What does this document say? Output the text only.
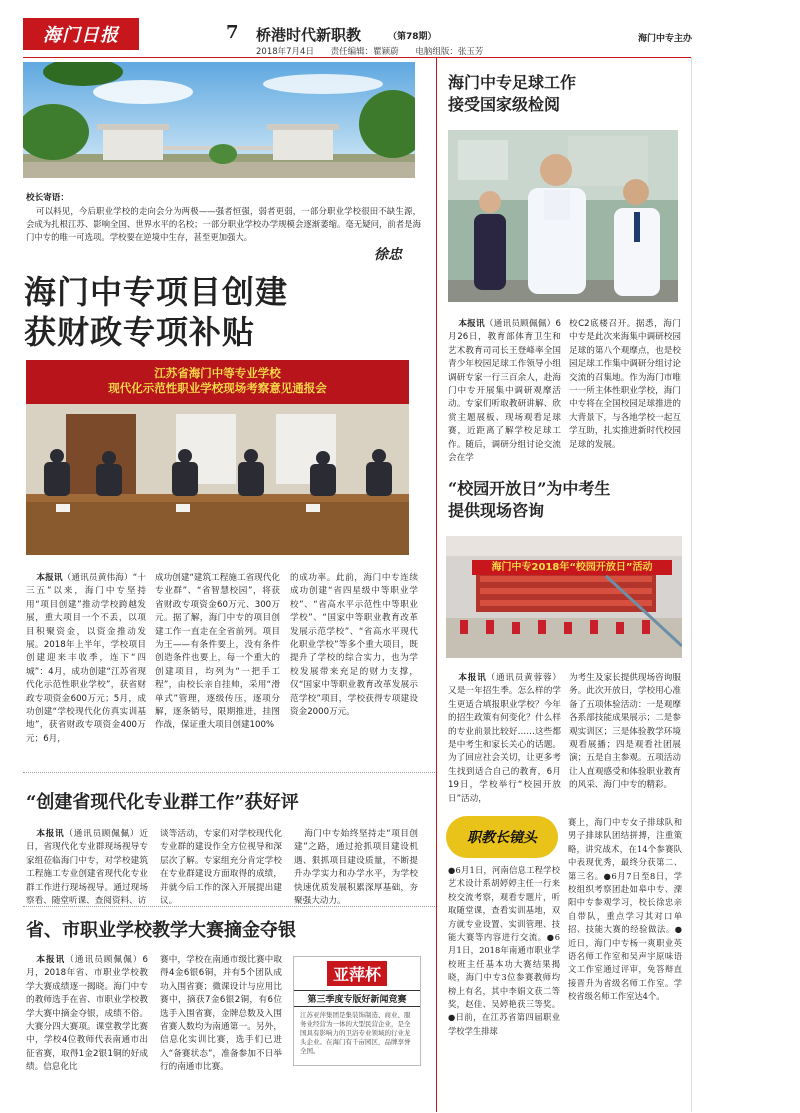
海门日报	7 桥港时代新职教	（第78期）	海门中专主办
2018年7月4日 责任编辑：瞿颖蔚 电脑组版：张玉芳
校长寄语：

可以料见，今后职业学校的走向会分为两极——强者恒强，弱者更弱，一部分职业学校很田不缺生源，会成为扎根江苏、影响全国、世界水平的名校；一部分职业学校办学规模会逐渐萎缩。毫无疑问，前者是海门中专的唯一可选项。学校要在逆境中生存，甚至更加强大。

徐忠
海门中专项目创建
获财政专项补贴
江苏省海门中等专业学校
现代化示范性职业学校现场考察意见通报会

本报讯（通讯员黄伟海）“十三五”以来，海门中专坚持用“项目创建”推动学校跨越发展，重大项目一个不丢，以项目积聚资金，以资金推动发展。2018年上半年，学校项目创建迎来丰收季，连下“四城”：4月，成功创建“江苏省现代化示范性职业学校”，获省财政专项资金600万元；5月，成功创建“学校现代化仿真实训基地”，获省财政专项资金400万元；6月，

成功创建“建筑工程施工省现代化专业群”、“省智慧校园”，将获省财政专项资金60万元、300万元。据了解，海门中专的项目创建工作一直走在全省前列。项目为王——有条件要上，没有条件创造条件也要上，每一个重大的创建项目，均列为“一把手工程”，由校长亲自挂帅，采用“滑单式”管理，逐级传压，逐项分解，逐条销号，限期推进，挂图作战，保证重大项目创建100%

的成功率。此前，海门中专连续成功创建“省四星级中等职业学校”、“省高水平示范性中等职业学校”、“国家中等职业教育改革发展示范学校”、“省高水平现代化职业学校”等多个重大项目，既提升了学校的综合实力，也为学校发展带来充足的财力支撑，仅“国家中等职业教育改革发展示范学校”项目，学校获得专项建设资金2000万元。

“创建省现代化专业群工作”获好评

本报讯（通讯员顾佩佩）近日，省现代化专业群现场视导专家组莅临海门中专，对学校建筑工程施工专业创建省现代化专业群工作进行现场视导。通过现场察看、随堂听课、查阅资料、访

谈等活动，专家们对学校现代化专业群的建设作全方位视导和深层次了解。专家组充分肯定学校在专业群建设方面取得的成绩，并就今后工作的深入开展提出建议。

海门中专始终坚持走“项目创建”之路，通过抢抓项目建设机遇、狠抓项目建设质量，不断提升办学实力和办学水平，为学校快速优质发展积累深厚基础，夯聚强大动力。

省、市职业学校教学大赛摘金夺银

本报讯（通讯员顾佩佩）6月，2018年省、市职业学校教学大赛成绩逐一揭晓。海门中专的教师选手在省、市职业学校教学大赛中摘金夺银，成绩不俗。大赛分四大赛项。课堂教学比赛中，学校4位教师代表南通市出征省赛，取得1金2银1铜的好成绩。信息化比

赛中，学校在南通市级比赛中取得4金6银6铜，并有5个团队成功入围省赛；微课设计与应用比赛中，摘获7金6银2铜，有6位选手入围省赛，金牌总数及入围省赛人数均为南通第一。另外，信息化实训比赛，选手们已进入“备赛状态”，准备参加不日举行的南通市比赛。

亚萍杯
第三季度专版好新闻竞赛
江苏亚萍集团是集装饰制造、商业、服务业经营为一体的大型民营企业，是全国具有影响力的卫浴专业领域的行业龙头企业。在海门有千亩园区，品牌享誉全国。
海门中专足球工作
接受国家级检阅

本报讯（通讯员顾佩佩）6月26日，教育部体育卫生和艺术教育司司长王登峰率全国青少年校园足球工作领导小组调研专家一行三百余人，赴海门中专开展集中调研观摩活动。专家们听取教研讲解、欣赏主题展板、现场观看足球赛，近距离了解学校足球工作。随后，调研分组讨论交流会在学

校C2底楼召开。据悉，海门中专是此次来海集中调研校园足球的第八个观摩点，也是校园足球工作集中调研分组讨论交流的召集地。作为海门市唯一一所主体性职业学校，海门中专将在全国校园足球推进的大背景下，与各地学校一起互学互助，扎实推进新时代校园足球的发展。

“校园开放日”为中考生
提供现场咨询
海门中专2018年“校园开放日”活动

本报讯（通讯员黄蓉蓉）又是一年招生季。怎么样的学生更适合填报职业学校？今年的招生政策有何变化？什么样的专业前景比较好……这些都是中考生和家长关心的话题。为了回应社会关切，让更多考生找到适合自己的教育，6月19日，学校举行“校园开放日”活动，

为考生及家长提供现场咨询服务。此次开放日，学校用心准备了五项体验活动：一是观摩各系部技能成果展示；二是参观实训区；三是体验教学环境观看展播；四是观看社团展演；五是自主参观。五项活动让人直观感受和体验职业教育的风采、海门中专的精彩。

职教长镜头

●6月1日，河南信息工程学校艺术设计系胡婷婷主任一行来校交流考察，观看专题片，听取随堂课，查看实训基地，双方就专业设置、实训管理、技能大赛等内容进行交流。●6月1日，2018年南通市职业学校班主任基本功大赛结果揭晓，海门中专3位参赛教师均榜上有名，其中李娟文获二等奖，赵佳、吴婷艳获三等奖。●日前，在江苏省第四届职业学校学生排球

赛上，海门中专女子排球队和男子排球队团结拼搏，注重策略，讲究战术，在14个参赛队中表现优秀，最终分获第二、第三名。●6月7日至8日，学校组织考察团赴如皋中专、溧阳中专参观学习，校长徐忠亲自带队，重点学习其对口单招、技能大赛的经验做法。●近日，海门中专杨一爽职业英语名师工作室和吴声宇原味语文工作室通过评审，免答辩直接晋升为省级名师工作室。学校省级名师工作室达4个。
